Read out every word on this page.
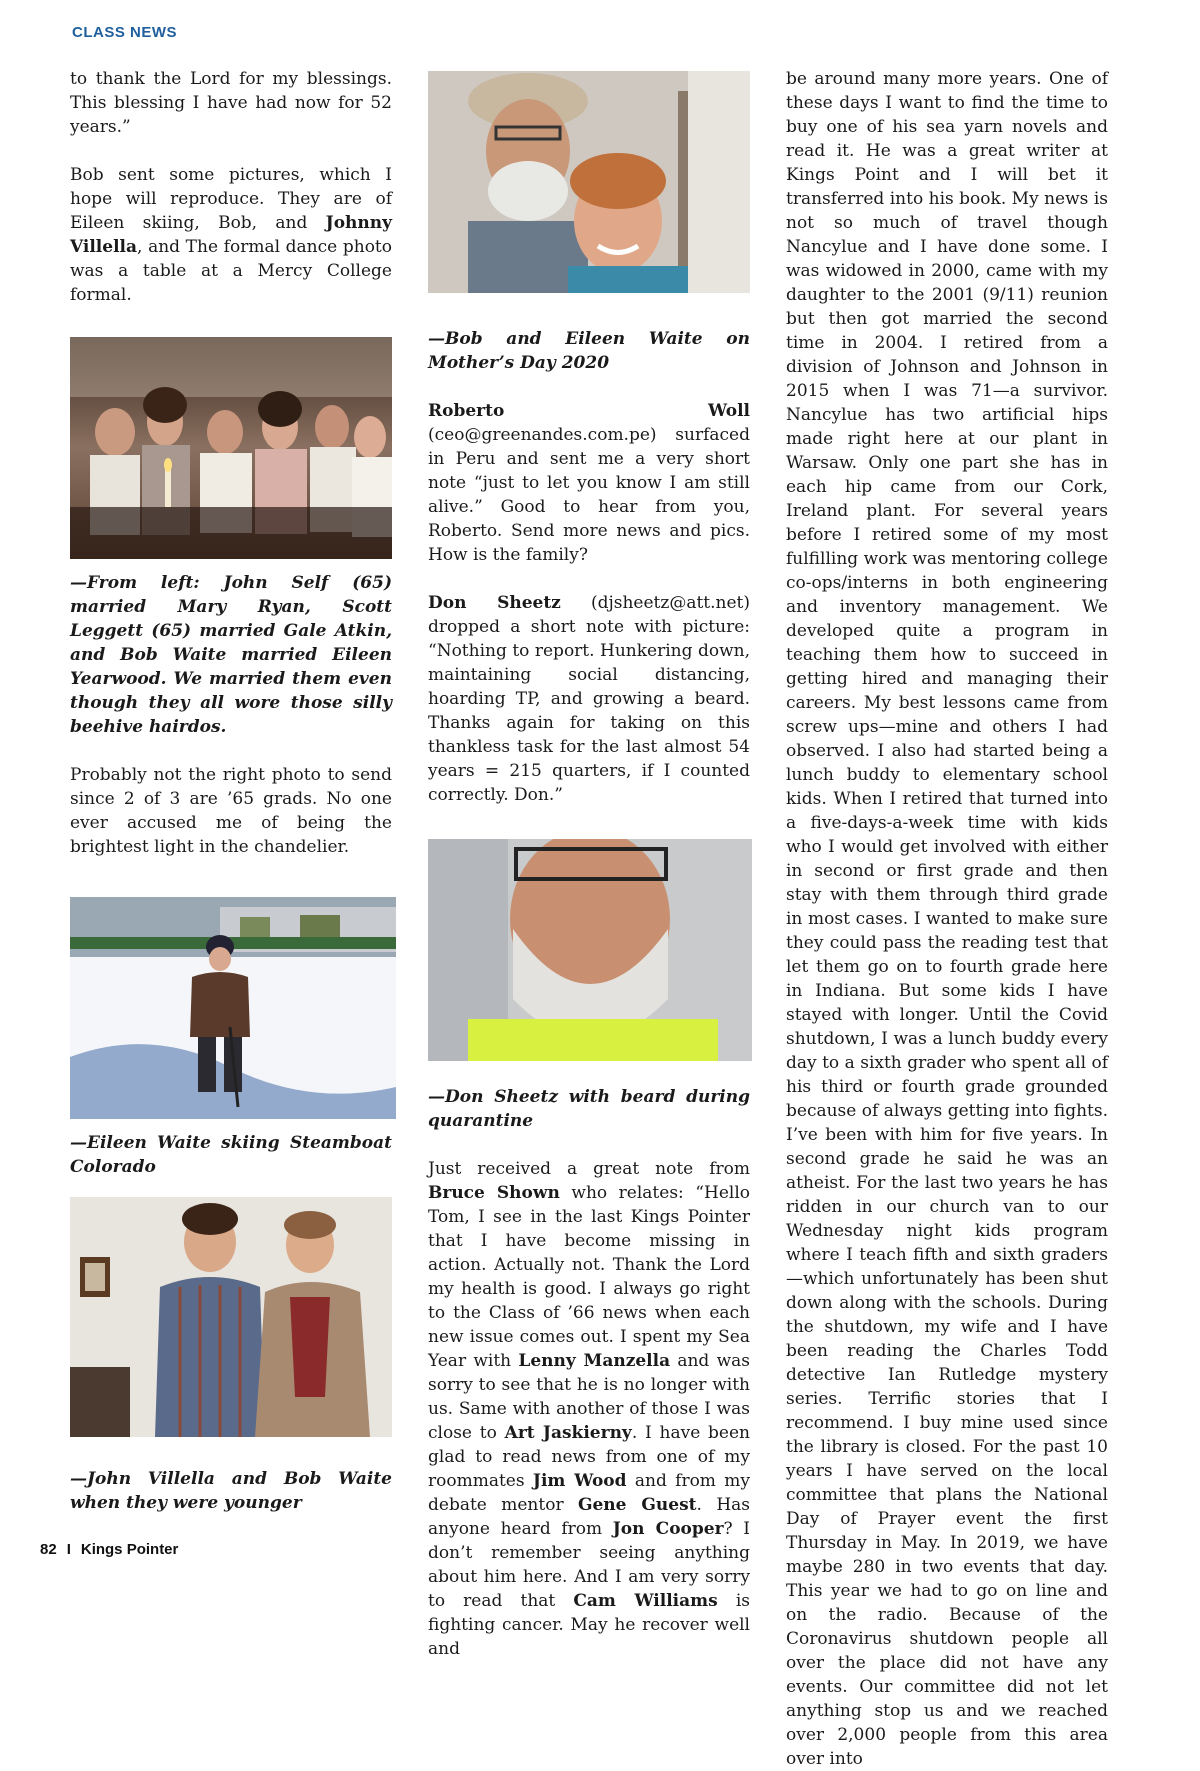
CLASS NEWS

to thank the Lord for my blessings. This blessing I have had now for 52 years.”

Bob sent some pictures, which I hope will reproduce. They are of Eileen skiing, Bob, and Johnny Villella, and The formal dance photo was a table at a Mercy College formal.

—From left: John Self (65) married Mary Ryan, Scott Leggett (65) married Gale Atkin, and Bob Waite married Eileen Yearwood. We married them even though they all wore those silly beehive hairdos.

Probably not the right photo to send since 2 of 3 are ’65 grads. No one ever accused me of being the brightest light in the chandelier.

—Eileen Waite skiing Steamboat Colorado

—John Villella and Bob Waite when they were younger

—Bob and Eileen Waite on Mother’s Day 2020

Roberto Woll (ceo@greenandes.com.pe) surfaced in Peru and sent me a very short note “just to let you know I am still alive.” Good to hear from you, Roberto. Send more news and pics. How is the family?

Don Sheetz (djsheetz@att.net) dropped a short note with picture: “Nothing to report. Hunkering down, maintaining social distancing, hoarding TP, and growing a beard. Thanks again for taking on this thankless task for the last almost 54 years = 215 quarters, if I counted correctly. Don.”

—Don Sheetz with beard during quarantine

Just received a great note from Bruce Shown who relates: “Hello Tom, I see in the last Kings Pointer that I have become missing in action. Actually not. Thank the Lord my health is good. I always go right to the Class of ’66 news when each new issue comes out. I spent my Sea Year with Lenny Manzella and was sorry to see that he is no longer with us. Same with another of those I was close to Art Jaskierny. I have been glad to read news from one of my roommates Jim Wood and from my debate mentor Gene Guest. Has anyone heard from Jon Cooper? I don’t remember seeing anything about him here. And I am very sorry to read that Cam Williams is fighting cancer. May he recover well and

be around many more years. One of these days I want to find the time to buy one of his sea yarn novels and read it. He was a great writer at Kings Point and I will bet it transferred into his book. My news is not so much of travel though Nancylue and I have done some. I was widowed in 2000, came with my daughter to the 2001 (9/11) reunion but then got married the second time in 2004. I retired from a division of Johnson and Johnson in 2015 when I was 71—a survivor. Nancylue has two artificial hips made right here at our plant in Warsaw. Only one part she has in each hip came from our Cork, Ireland plant. For several years before I retired some of my most fulfilling work was mentoring college co-ops/interns in both engineering and inventory management. We developed quite a program in teaching them how to succeed in getting hired and managing their careers. My best lessons came from screw ups—mine and others I had observed. I also had started being a lunch buddy to elementary school kids. When I retired that turned into a five-days-a-week time with kids who I would get involved with either in second or first grade and then stay with them through third grade in most cases. I wanted to make sure they could pass the reading test that let them go on to fourth grade here in Indiana. But some kids I have stayed with longer. Until the Covid shutdown, I was a lunch buddy every day to a sixth grader who spent all of his third or fourth grade grounded because of always getting into fights. I’ve been with him for five years. In second grade he said he was an atheist. For the last two years he has ridden in our church van to our Wednesday night kids program where I teach fifth and sixth graders—which unfortunately has been shut down along with the schools. During the shutdown, my wife and I have been reading the Charles Todd detective Ian Rutledge mystery series. Terrific stories that I recommend. I buy mine used since the library is closed. For the past 10 years I have served on the local committee that plans the National Day of Prayer event the first Thursday in May. In 2019, we have maybe 280 in two events that day. This year we had to go on line and on the radio. Because of the Coronavirus shutdown people all over the place did not have any events. Our committee did not let anything stop us and we reached over 2,000 people from this area over into

82 I Kings Pointer
